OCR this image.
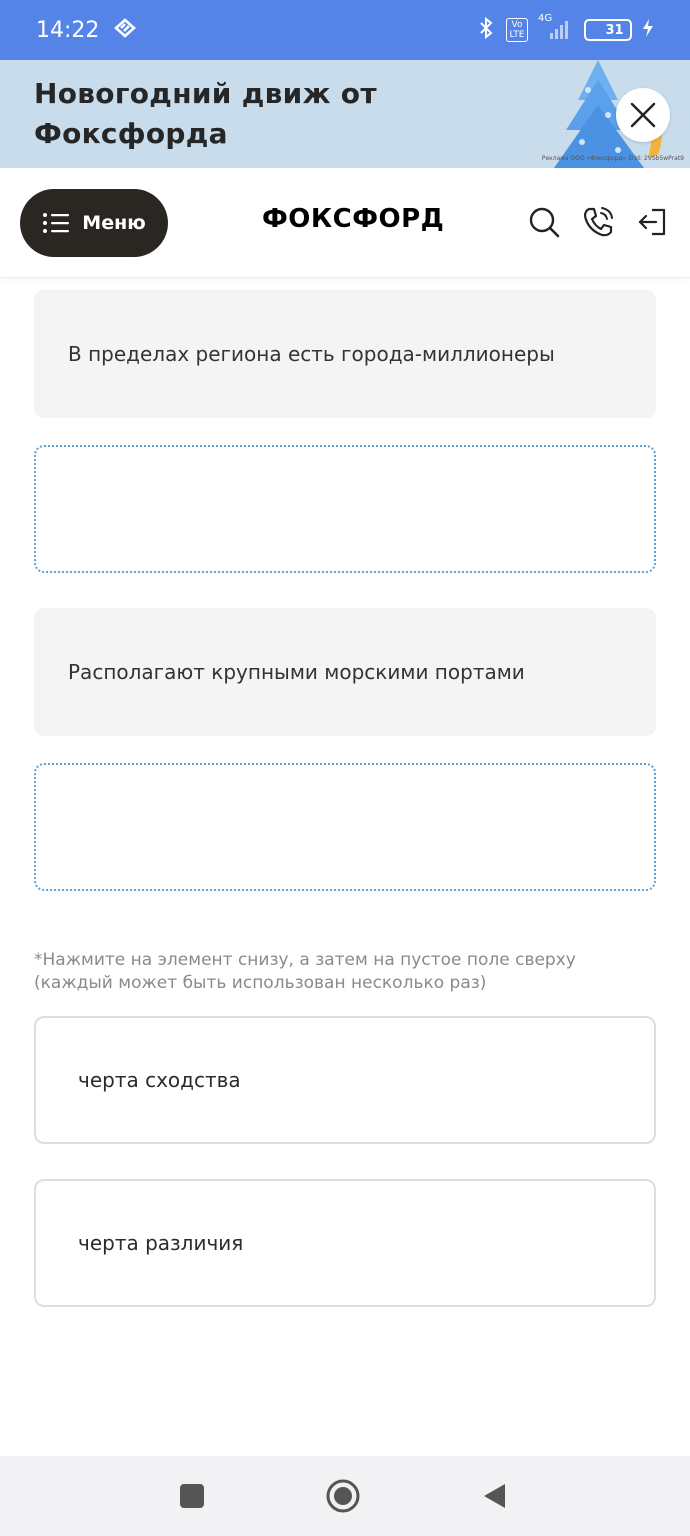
14:22	Vo LTE
4G
31
Новогодний движ от
Фоксфорда
Реклама ООО «Фоксфорд» Erid: 2VSb5wPrat9
Меню	ФОКСФОРД
В пределах региона есть города-миллионеры
Располагают крупными морскими портами
*Нажмите на элемент снизу, а затем на пустое поле сверху (каждый может быть использован несколько раз)
черта сходства
черта различия
